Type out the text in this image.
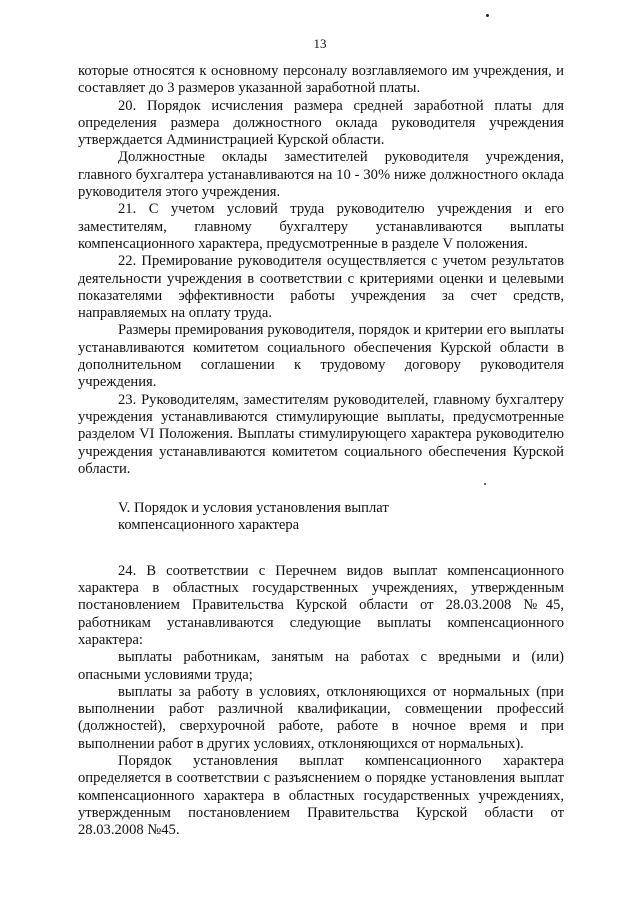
13

которые относятся к основному персоналу возглавляемого им учреждения, и составляет до 3 размеров указанной заработной платы.

20. Порядок исчисления размера средней заработной платы для определения размера должностного оклада руководителя учреждения утверждается Администрацией Курской области.

Должностные оклады заместителей руководителя учреждения, главного бухгалтера устанавливаются на 10 - 30% ниже должностного оклада руководителя этого учреждения.

21. С учетом условий труда руководителю учреждения и его заместителям, главному бухгалтеру устанавливаются выплаты компенсационного характера, предусмотренные в разделе V положения.

22. Премирование руководителя осуществляется с учетом результатов деятельности учреждения в соответствии с критериями оценки и целевыми показателями эффективности работы учреждения за счет средств, направляемых на оплату труда.

Размеры премирования руководителя, порядок и критерии его выплаты устанавливаются комитетом социального обеспечения Курской области в дополнительном соглашении к трудовому договору руководителя учреждения.

23. Руководителям, заместителям руководителей, главному бухгалтеру учреждения устанавливаются стимулирующие выплаты, предусмотренные разделом VI Положения. Выплаты стимулирующего характера руководителю учреждения устанавливаются комитетом социального обеспечения Курской области.

V. Порядок и условия установления выплат

компенсационного характера

24. В соответствии с Перечнем видов выплат компенсационного характера в областных государственных учреждениях, утвержденным постановлением Правительства Курской области от 28.03.2008 №45, работникам устанавливаются следующие выплаты компенсационного характера:

выплаты работникам, занятым на работах с вредными и (или) опасными условиями труда;

выплаты за работу в условиях, отклоняющихся от нормальных (при выполнении работ различной квалификации, совмещении профессий (должностей), сверхурочной работе, работе в ночное время и при выполнении работ в других условиях, отклоняющихся от нормальных).

Порядок установления выплат компенсационного характера определяется в соответствии с разъяснением о порядке установления выплат компенсационного характера в областных государственных учреждениях, утвержденным постановлением Правительства Курской области от 28.03.2008 №45.
